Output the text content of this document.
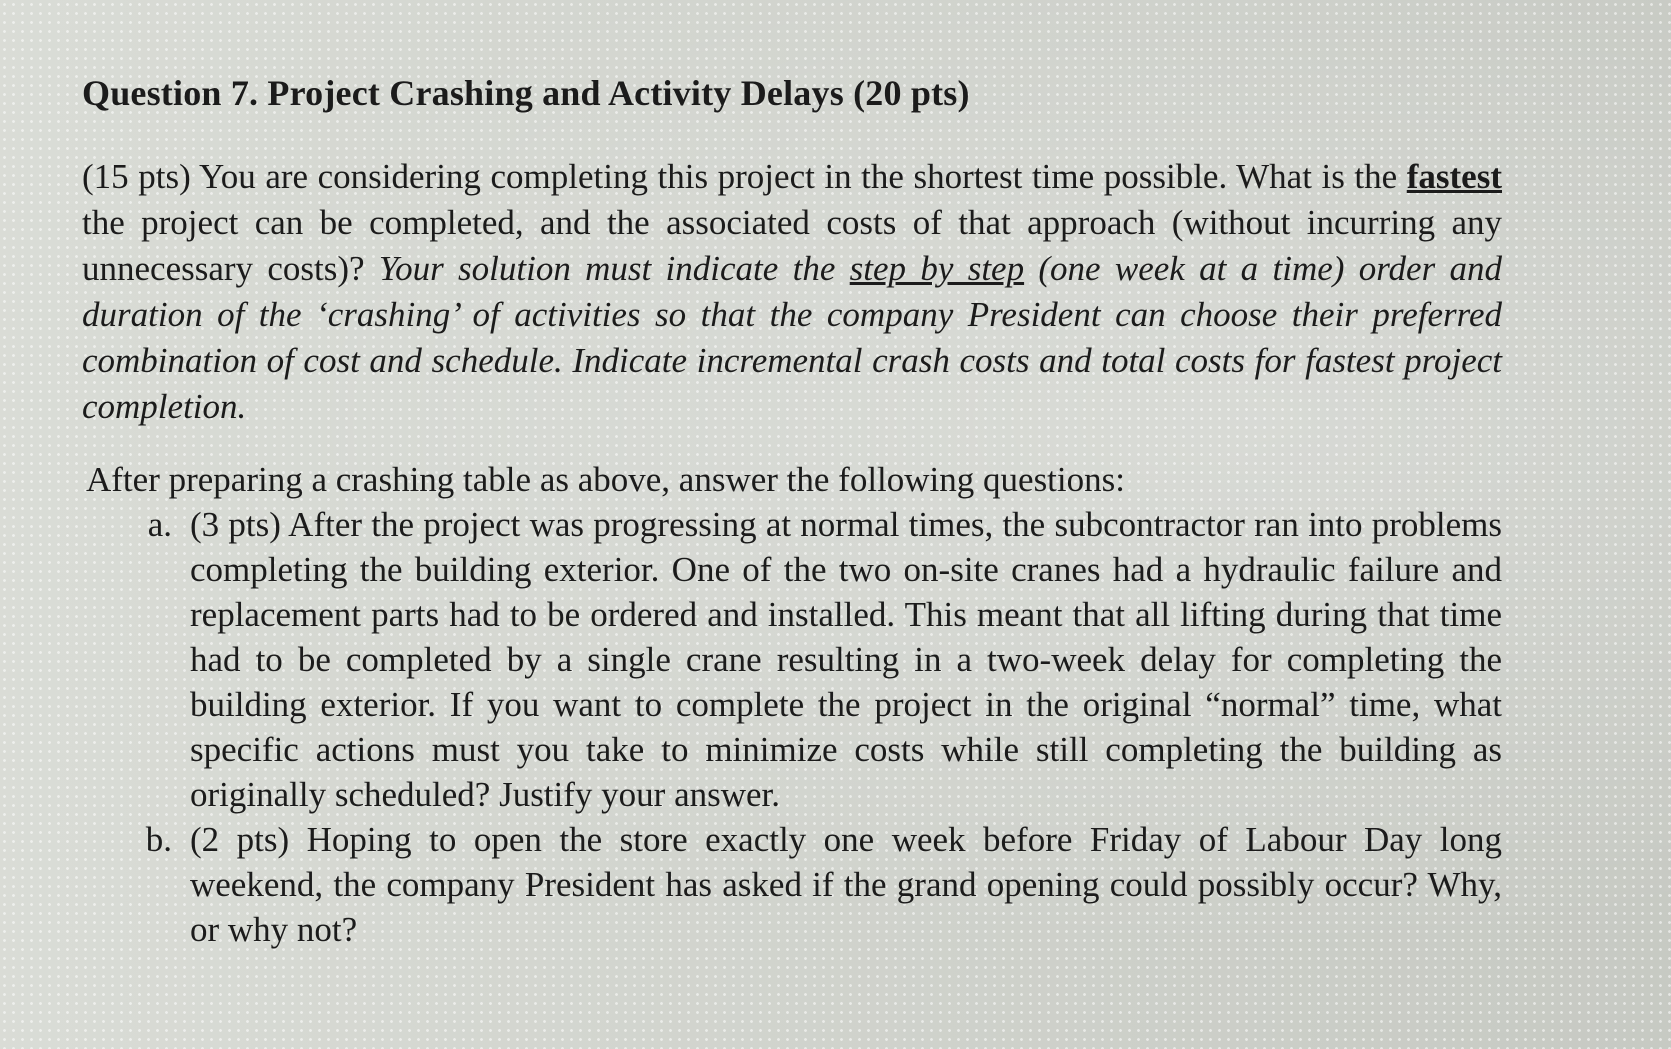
Question 7. Project Crashing and Activity Delays (20 pts)

(15 pts) You are considering completing this project in the shortest time possible. What is the fastest the project can be completed, and the associated costs of that approach (without incurring any unnecessary costs)? Your solution must indicate the step by step (one week at a time) order and duration of the ‘crashing’ of activities so that the company President can choose their preferred combination of cost and schedule. Indicate incremental crash costs and total costs for fastest project completion.

After preparing a crashing table as above, answer the following questions:
a. (3 pts) After the project was progressing at normal times, the subcontractor ran into problems completing the building exterior. One of the two on-site cranes had a hydraulic failure and replacement parts had to be ordered and installed. This meant that all lifting during that time had to be completed by a single crane resulting in a two-week delay for completing the building exterior. If you want to complete the project in the original “normal” time, what specific actions must you take to minimize costs while still completing the building as originally scheduled? Justify your answer.
b. (2 pts) Hoping to open the store exactly one week before Friday of Labour Day long weekend, the company President has asked if the grand opening could possibly occur? Why, or why not?
